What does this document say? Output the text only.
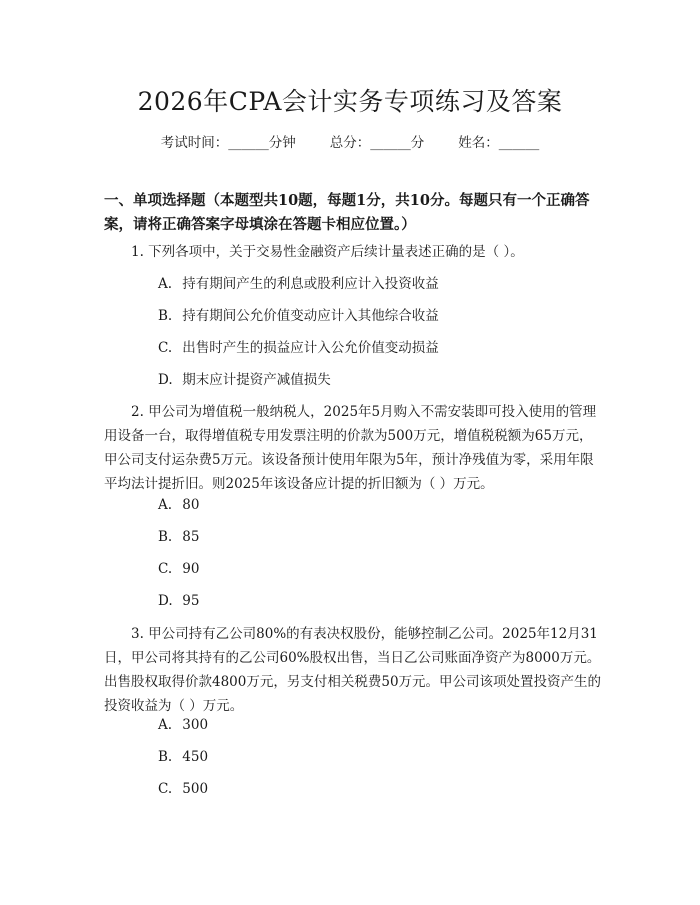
2026年CPA会计实务专项练习及答案
考试时间：______分钟	总分：______分	姓名：______
一、单项选择题（本题型共10题，每题1分，共10分。每题只有一个正确答案，请将正确答案字母填涂在答题卡相应位置。）
1. 下列各项中，关于交易性金融资产后续计量表述正确的是（ ）。
A. 持有期间产生的利息或股利应计入投资收益
B. 持有期间公允价值变动应计入其他综合收益
C. 出售时产生的损益应计入公允价值变动损益
D. 期末应计提资产减值损失
2. 甲公司为增值税一般纳税人，2025年5月购入不需安装即可投入使用的管理用设备一台，取得增值税专用发票注明的价款为500万元，增值税税额为65万元，甲公司支付运杂费5万元。该设备预计使用年限为5年，预计净残值为零，采用年限平均法计提折旧。则2025年该设备应计提的折旧额为（ ）万元。
A. 80
B. 85
C. 90
D. 95
3. 甲公司持有乙公司80%的有表决权股份，能够控制乙公司。2025年12月31日，甲公司将其持有的乙公司60%股权出售，当日乙公司账面净资产为8000万元。出售股权取得价款4800万元，另支付相关税费50万元。甲公司该项处置投资产生的投资收益为（ ）万元。
A. 300
B. 450
C. 500
